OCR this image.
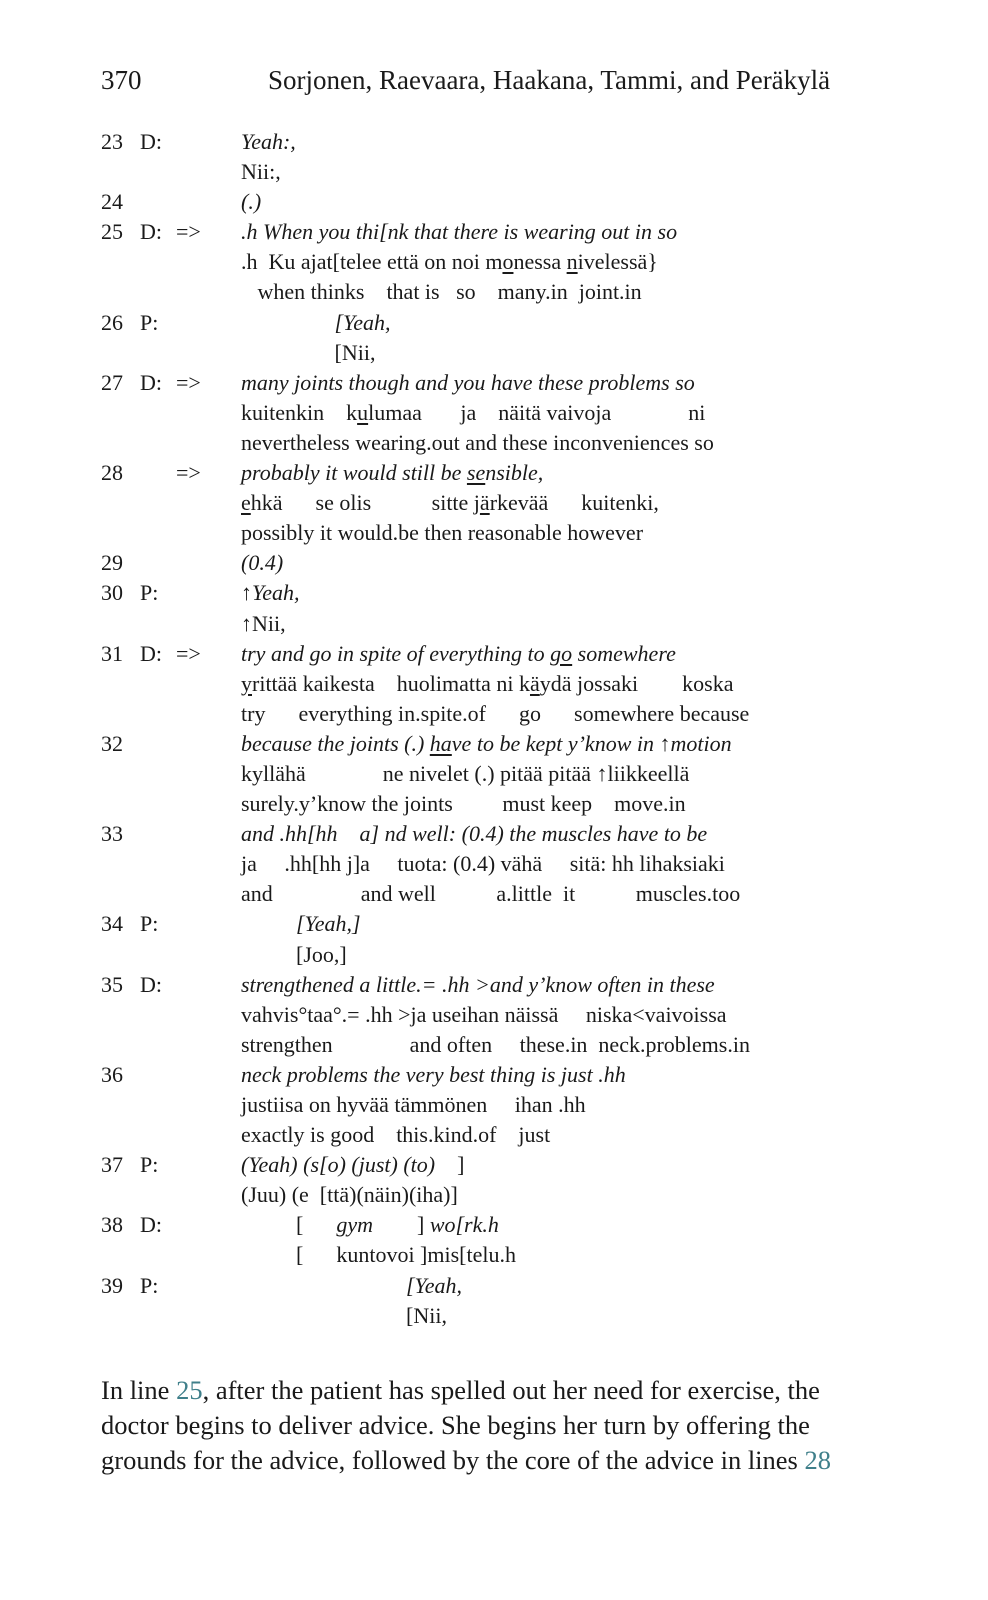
370	Sorjonen, Raevaara, Haakana, Tammi, and Peräkylä
23 D:	Yeah:,
Nii:,
24	(.)
25 D: => .h When you thi[nk that there is wearing out in so
.h  Ku ajat[telee että on noi monessa nivelessä}
when thinks    that is   so    many.in  joint.in
26 P:	[Yeah,
[Nii,
27 D: => many joints though and you have these problems so
kuitenkin    kulumaa       ja    näitä vaivoja              ni
nevertheless wearing.out and these inconveniences so
28 => probably it would still be sensible,
ehkä      se olis           sitte järkevää      kuitenki,
possibly it would.be then reasonable however
29	(0.4)
30 P:	↑Yeah,
↑Nii,
31 D: => try and go in spite of everything to go somewhere
yrittää kaikesta    huolimatta ni käydä jossaki        koska
try      everything in.spite.of      go      somewhere because
32	because the joints (.) have to be kept y’know in ↑motion
kyllähä              ne nivelet (.) pitää pitää ↑liikkeellä
surely.y’know the joints         must keep    move.in
33	and .hh[hh    a] nd well: (0.4) the muscles have to be
ja     .hh[hh j]a     tuota: (0.4) vähä     sitä: hh lihaksiaki
and                and well           a.little  it           muscles.too
34 P:	[Yeah,]
[Joo,]
35 D:	strengthened a little.= .hh >and y’know often in these
vahvis°taa°.= .hh >ja useihan näissä     niska<vaivoissa
strengthen              and often     these.in  neck.problems.in
36	neck problems the very best thing is just .hh
justiisa on hyvää tämmönen     ihan .hh
exactly is good    this.kind.of    just
37 P:	(Yeah) (s[o) (just) (to)    ]
(Juu) (e  [ttä)(näin)(iha)]
38 D:	[      gym        ] wo[rk.h
[      kuntovoi ]mis[telu.h
39 P:	[Yeah,
[Nii,

In line 25, after the patient has spelled out her need for exercise, the

doctor begins to deliver advice. She begins her turn by offering the

grounds for the advice, followed by the core of the advice in lines 28
